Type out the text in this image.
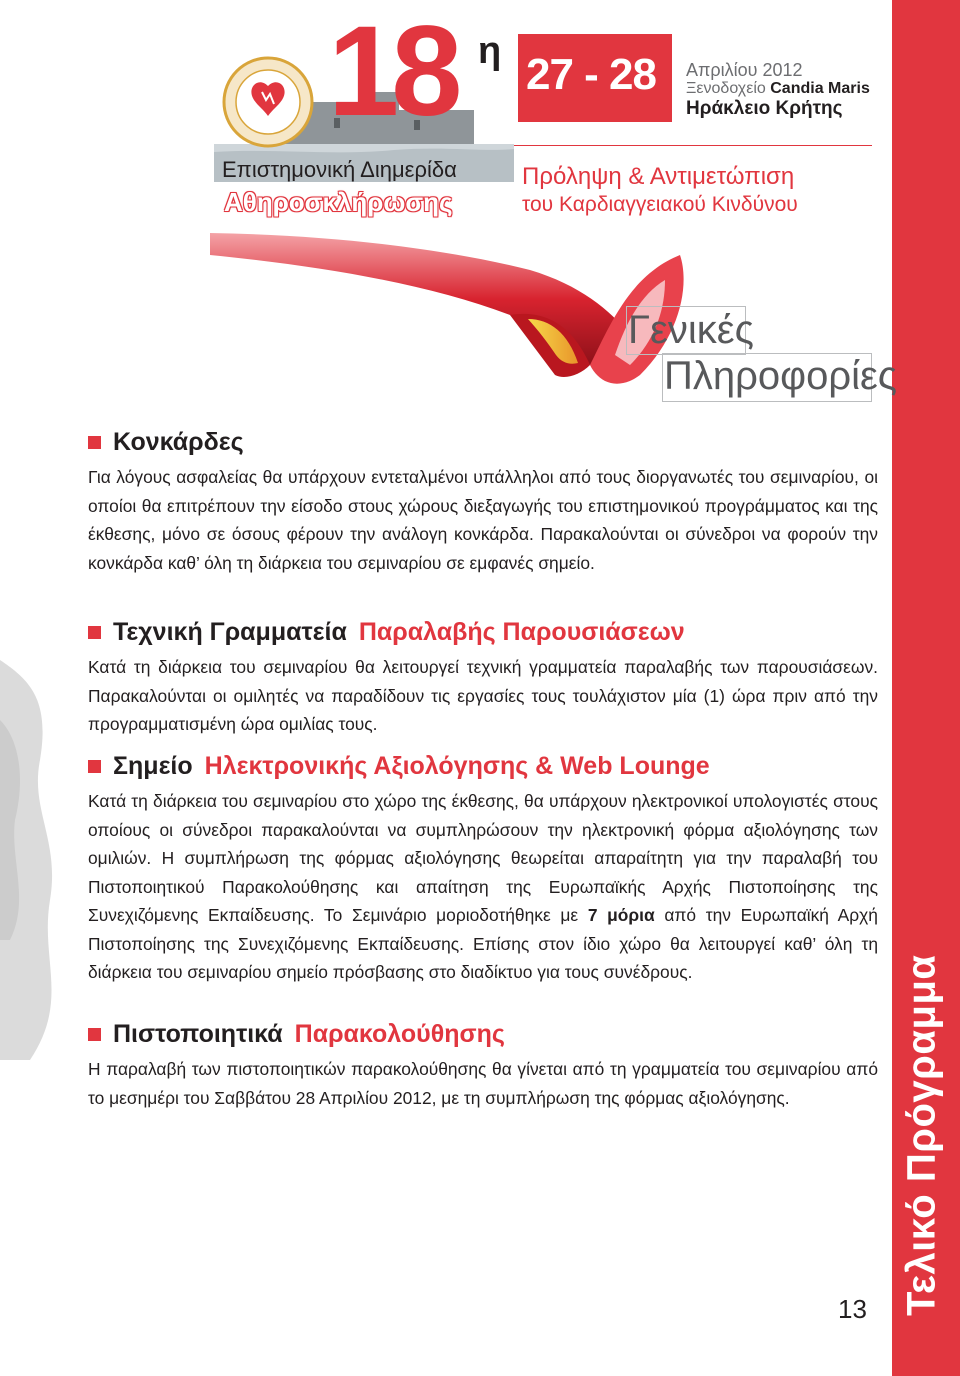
Τελικό Πρόγραμμα
18 η
Επιστημονική Διημερίδα
Αθηροσκλήρωσης
27 - 28 Απριλίου 2012
Ξενοδοχείο Candia Maris
Ηράκλειο Κρήτης
Πρόληψη & Αντιμετώπιση
του Καρδιαγγειακού Κινδύνου
Γενικές
Πληροφορίες
Κονκάρδες

Για λόγους ασφαλείας θα υπάρχουν εντεταλμένοι υπάλληλοι από τους διοργανωτές του σεμιναρίου, οι οποίοι θα επιτρέπουν την είσοδο στους χώρους διεξαγωγής του επιστημονικού προγράμματος και της έκθεσης, μόνο σε όσους φέρουν την ανάλογη κονκάρδα. Παρακαλούνται οι σύνεδροι να φορούν την κονκάρδα καθ’ όλη τη διάρκεια του σεμιναρίου σε εμφανές σημείο.

Τεχνική Γραμματεία Παραλαβής Παρουσιάσεων

Κατά τη διάρκεια του σεμιναρίου θα λειτουργεί τεχνική γραμματεία παραλαβής των παρουσιάσεων. Παρακαλούνται οι ομιλητές να παραδίδουν τις εργασίες τους τουλάχιστον μία (1) ώρα πριν από την προγραμματισμένη ώρα ομιλίας τους.

Σημείο Ηλεκτρονικής Αξιολόγησης & Web Lounge

Κατά τη διάρκεια του σεμιναρίου στο χώρο της έκθεσης, θα υπάρχουν ηλεκτρονικοί υπολογιστές στους οποίους οι σύνεδροι παρακαλούνται να συμπληρώσουν την ηλεκτρονική φόρμα αξιολόγησης των ομιλιών. Η συμπλήρωση της φόρμας αξιολόγησης θεωρείται απαραίτητη για την παραλαβή του Πιστοποιητικού Παρακολούθησης και απαίτηση της Ευρωπαϊκής Αρχής Πιστοποίησης της Συνεχιζόμενης Εκπαίδευσης. Το Σεμινάριο μοριοδοτήθηκε με 7 μόρια από την Ευρωπαϊκή Αρχή Πιστοποίησης της Συνεχιζόμενης Εκπαίδευσης. Επίσης στον ίδιο χώρο θα λειτουργεί καθ’ όλη τη διάρκεια του σεμιναρίου σημείο πρόσβασης στο διαδίκτυο για τους συνέδρους.

Πιστοποιητικά Παρακολούθησης

Η παραλαβή των πιστοποιητικών παρακολούθησης θα γίνεται από τη γραμματεία του σεμιναρίου από το μεσημέρι του Σαββάτου 28 Απριλίου 2012, με τη συμπλήρωση της φόρμας αξιολόγησης.

13
